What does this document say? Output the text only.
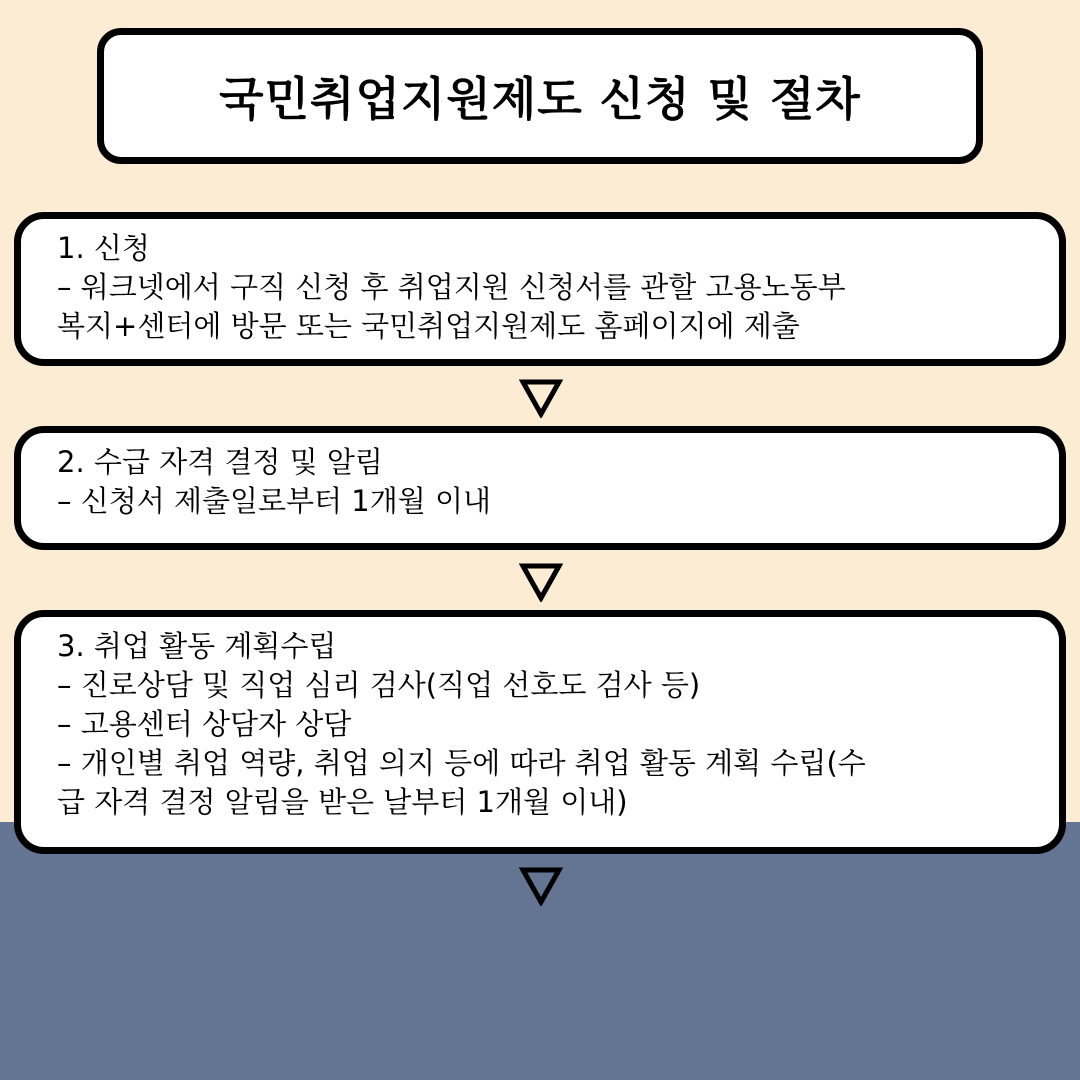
국민취업지원제도 신청 및 절차
1. 신청
– 워크넷에서 구직 신청 후 취업지원 신청서를 관할 고용노동부
복지+센터에 방문 또는 국민취업지원제도 홈페이지에 제출
2. 수급 자격 결정 및 알림
– 신청서 제출일로부터 1개월 이내
3. 취업 활동 계획수립
– 진로상담 및 직업 심리 검사(직업 선호도 검사 등)
– 고용센터 상담자 상담
– 개인별 취업 역량, 취업 의지 등에 따라 취업 활동 계획 수립(수
급 자격 결정 알림을 받은 날부터 1개월 이내)
